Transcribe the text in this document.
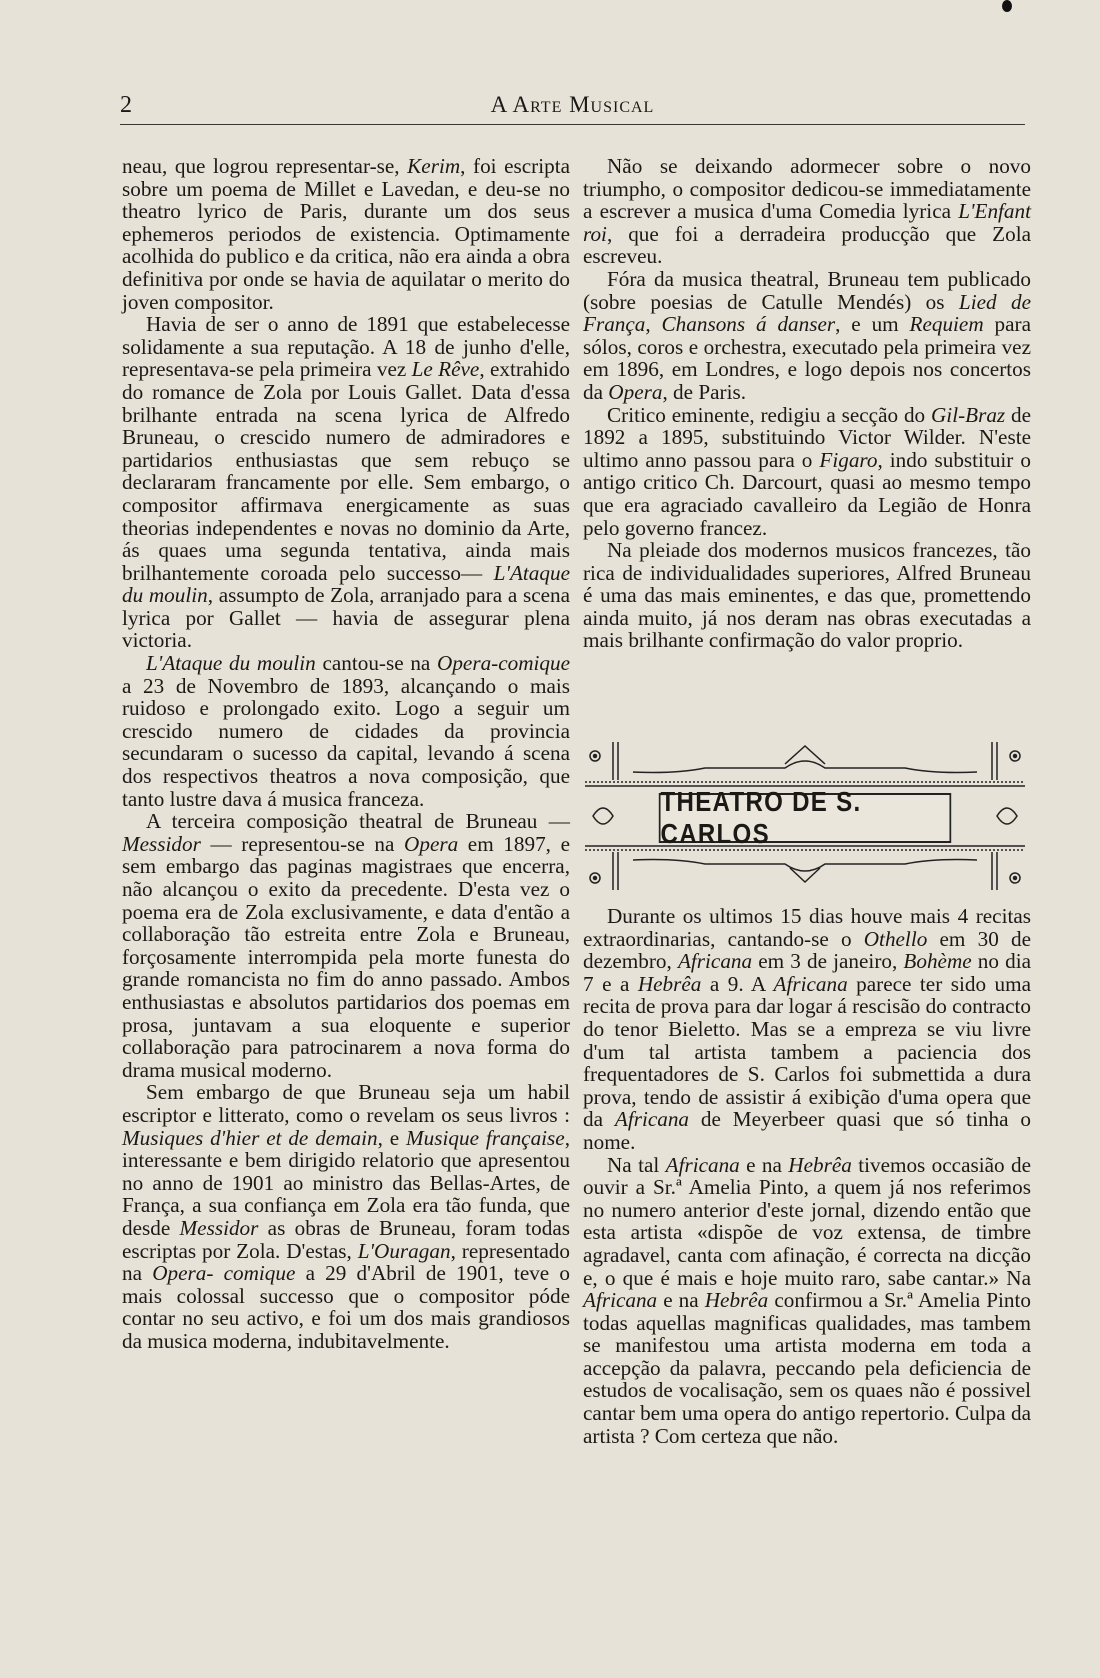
2	A Arte Musical

neau, que logrou representar-se, Kerim, foi escripta sobre um poema de Millet e Lavedan, e deu-se no theatro lyrico de Paris, durante um dos seus ephemeros periodos de existencia. Optimamente acolhida do publico e da critica, não era ainda a obra definitiva por onde se havia de aquilatar o merito do joven compositor.

Havia de ser o anno de 1891 que estabelecesse solidamente a sua reputação. A 18 de junho d'elle, representava-se pela primeira vez Le Rêve, extrahido do romance de Zola por Louis Gallet. Data d'essa brilhante entrada na scena lyrica de Alfredo Bruneau, o crescido numero de admiradores e partidarios enthusiastas que sem rebuço se declararam francamente por elle. Sem embargo, o compositor affirmava energicamente as suas theorias independentes e novas no dominio da Arte, ás quaes uma segunda tentativa, ainda mais brilhantemente coroada pelo successo— L'Ataque du moulin, assumpto de Zola, arranjado para a scena lyrica por Gallet — havia de assegurar plena victoria.

L'Ataque du moulin cantou-se na Opera-comique a 23 de Novembro de 1893, alcançando o mais ruidoso e prolongado exito. Logo a seguir um crescido numero de cidades da provincia secundaram o sucesso da capital, levando á scena dos respectivos theatros a nova composição, que tanto lustre dava á musica franceza.

A terceira composição theatral de Bruneau — Messidor — representou-se na Opera em 1897, e sem embargo das paginas magistraes que encerra, não alcançou o exito da precedente. D'esta vez o poema era de Zola exclusivamente, e data d'então a collaboração tão estreita entre Zola e Bruneau, forçosamente interrompida pela morte funesta do grande romancista no fim do anno passado. Ambos enthusiastas e absolutos partidarios dos poemas em prosa, juntavam a sua eloquente e superior collaboração para patrocinarem a nova forma do drama musical moderno.

Sem embargo de que Bruneau seja um habil escriptor e litterato, como o revelam os seus livros : Musiques d'hier et de demain, e Musique française, interessante e bem dirigido relatorio que apresentou no anno de 1901 ao ministro das Bellas-Artes, de França, a sua confiança em Zola era tão funda, que desde Messidor as obras de Bruneau, foram todas escriptas por Zola. D'estas, L'Ouragan, representado na Opera- comique a 29 d'Abril de 1901, teve o mais colossal successo que o compositor póde contar no seu activo, e foi um dos mais grandiosos da musica moderna, indubitavelmente.

Não se deixando adormecer sobre o novo triumpho, o compositor dedicou-se immediatamente a escrever a musica d'uma Comedia lyrica L'Enfant roi, que foi a derradeira producção que Zola escreveu.

Fóra da musica theatral, Bruneau tem publicado (sobre poesias de Catulle Mendés) os Lied de França, Chansons á danser, e um Requiem para sólos, coros e orchestra, executado pela primeira vez em 1896, em Londres, e logo depois nos concertos da Opera, de Paris.

Critico eminente, redigiu a secção do Gil-Braz de 1892 a 1895, substituindo Victor Wilder. N'este ultimo anno passou para o Figaro, indo substituir o antigo critico Ch. Darcourt, quasi ao mesmo tempo que era agraciado cavalleiro da Legião de Honra pelo governo francez.

Na pleiade dos modernos musicos francezes, tão rica de individualidades superiores, Alfred Bruneau é uma das mais eminentes, e das que, promettendo ainda muito, já nos deram nas obras executadas a mais brilhante confirmação do valor proprio.

THEATRO DE S. CARLOS

Durante os ultimos 15 dias houve mais 4 recitas extraordinarias, cantando-se o Othello em 30 de dezembro, Africana em 3 de janeiro, Bohème no dia 7 e a Hebrêa a 9. A Africana parece ter sido uma recita de prova para dar logar á rescisão do contracto do tenor Bieletto. Mas se a empreza se viu livre d'um tal artista tambem a paciencia dos frequentadores de S. Carlos foi submettida a dura prova, tendo de assistir á exibição d'uma opera que da Africana de Meyerbeer quasi que só tinha o nome.

Na tal Africana e na Hebrêa tivemos occasião de ouvir a Sr.ª Amelia Pinto, a quem já nos referimos no numero anterior d'este jornal, dizendo então que esta artista «dispõe de voz extensa, de timbre agradavel, canta com afinação, é correcta na dicção e, o que é mais e hoje muito raro, sabe cantar.» Na Africana e na Hebrêa confirmou a Sr.ª Amelia Pinto todas aquellas magnificas qualidades, mas tambem se manifestou uma artista moderna em toda a accepção da palavra, peccando pela deficiencia de estudos de vocalisação, sem os quaes não é possivel cantar bem uma opera do antigo repertorio. Culpa da artista ? Com certeza que não.
